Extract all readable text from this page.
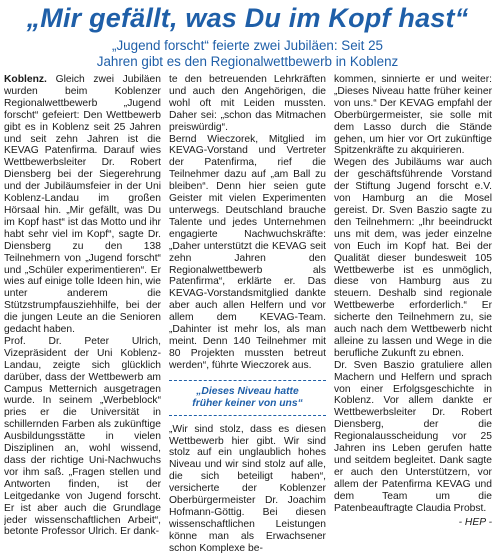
„Mir gefällt, was Du im Kopf hast“
„Jugend forscht“ feierte zwei Jubiläen: Seit 25
Jahren gibt es den Regionalwettbewerb in Koblenz

Koblenz. Gleich zwei Jubiläen wurden beim Koblenzer Regionalwettbewerb „Jugend forscht“ gefeiert: Den Wettbewerb gibt es in Koblenz seit 25 Jahren und seit zehn Jahren ist die KEVAG Patenfirma. Darauf wies Wettbewerbsleiter Dr. Robert Diensberg bei der Siegerehrung und der Jubiläumsfeier in der Uni Koblenz-Landau im großen Hörsaal hin. „Mir gefällt, was Du im Kopf hast“ ist das Motto und ihr habt sehr viel im Kopf“, sagte Dr. Diensberg zu den 138 Teilnehmern von „Jugend forscht“ und „Schüler experimentieren“. Er wies auf einige tolle Ideen hin, wie unter anderem die Stützstrumpfausziehhilfe, bei der die jungen Leute an die Senioren gedacht haben.

Prof. Dr. Peter Ulrich, Vizepräsident der Uni Koblenz-Landau, zeigte sich glücklich darüber, dass der Wettbewerb am Campus Metternich ausgetragen wurde. In seinem „Werbeblock“ pries er die Universität in schillernden Farben als zukünftige Ausbildungsstätte in vielen Disziplinen an, wohl wissend, dass der richtige Uni-Nachwuchs vor ihm saß. „Fragen stellen und Antworten finden, ist der Leitgedanke von Jugend forscht. Er ist aber auch die Grundlage jeder wissenschaftlichen Arbeit“, betonte Professor Ulrich. Er dank-

te den betreuenden Lehrkräften und auch den Angehörigen, die wohl oft mit Leiden mussten. Daher sei: „schon das Mitmachen preiswürdig“.

Bernd Wieczorek, Mitglied im KEVAG-Vorstand und Vertreter der Patenfirma, rief die Teilnehmer dazu auf „am Ball zu bleiben“. Denn hier seien gute Geister mit vielen Experimenten unterwegs. Deutschland brauche Talente und jedes Unternehmen engagierte Nachwuchskräfte: „Daher unterstützt die KEVAG seit zehn Jahren den Regionalwettbewerb als Patenfirma“, erklärte er. Das KEVAG-Vorstandsmitglied dankte aber auch allen Helfern und vor allem dem KEVAG-Team. „Dahinter ist mehr los, als man meint. Denn 140 Teilnehmer mit 80 Projekten mussten betreut werden“, führte Wieczorek aus.

„Dieses Niveau hatte
früher keiner von uns“

„Wir sind stolz, dass es diesen Wettbewerb hier gibt. Wir sind stolz auf ein unglaublich hohes Niveau und wir sind stolz auf alle, die sich beteiligt haben“, versicherte der Koblenzer Oberbürgermeister Dr. Joachim Hofmann-Göttig. Bei diesen wissenschaftlichen Leistungen könne man als Erwachsener schon Komplexe be-

kommen, sinnierte er und weiter: „Dieses Niveau hatte früher keiner von uns.“ Der KEVAG empfahl der Oberbürgermeister, sie solle mit dem Lasso durch die Stände gehen, um hier vor Ort zukünftige Spitzenkräfte zu akquirieren.

Wegen des Jubiläums war auch der geschäftsführende Vorstand der Stiftung Jugend forscht e.V. von Hamburg an die Mosel gereist. Dr. Sven Baszio sagte zu den Teilnehmern: „Ihr beeindruckt uns mit dem, was jeder einzelne von Euch im Kopf hat. Bei der Qualität dieser bundesweit 105 Wettbewerbe ist es unmöglich, diese von Hamburg aus zu steuern. Deshalb sind regionale Wettbewerbe erforderlich.“ Er sicherte den Teilnehmern zu, sie auch nach dem Wettbewerb nicht alleine zu lassen und Wege in die berufliche Zukunft zu ebnen.

Dr. Sven Baszio gratuliere allen Machern und Helfern und sprach von einer Erfolgsgeschichte in Koblenz. Vor allem dankte er Wettbewerbsleiter Dr. Robert Diensberg, der die Regionalausscheidung vor 25 Jahren ins Leben gerufen hatte und seitdem begleitet. Dank sagte er auch den Unterstützern, vor allem der Patenfirma KEVAG und dem Team um die Patenbeauftragte Claudia Probst.

- HEP -
